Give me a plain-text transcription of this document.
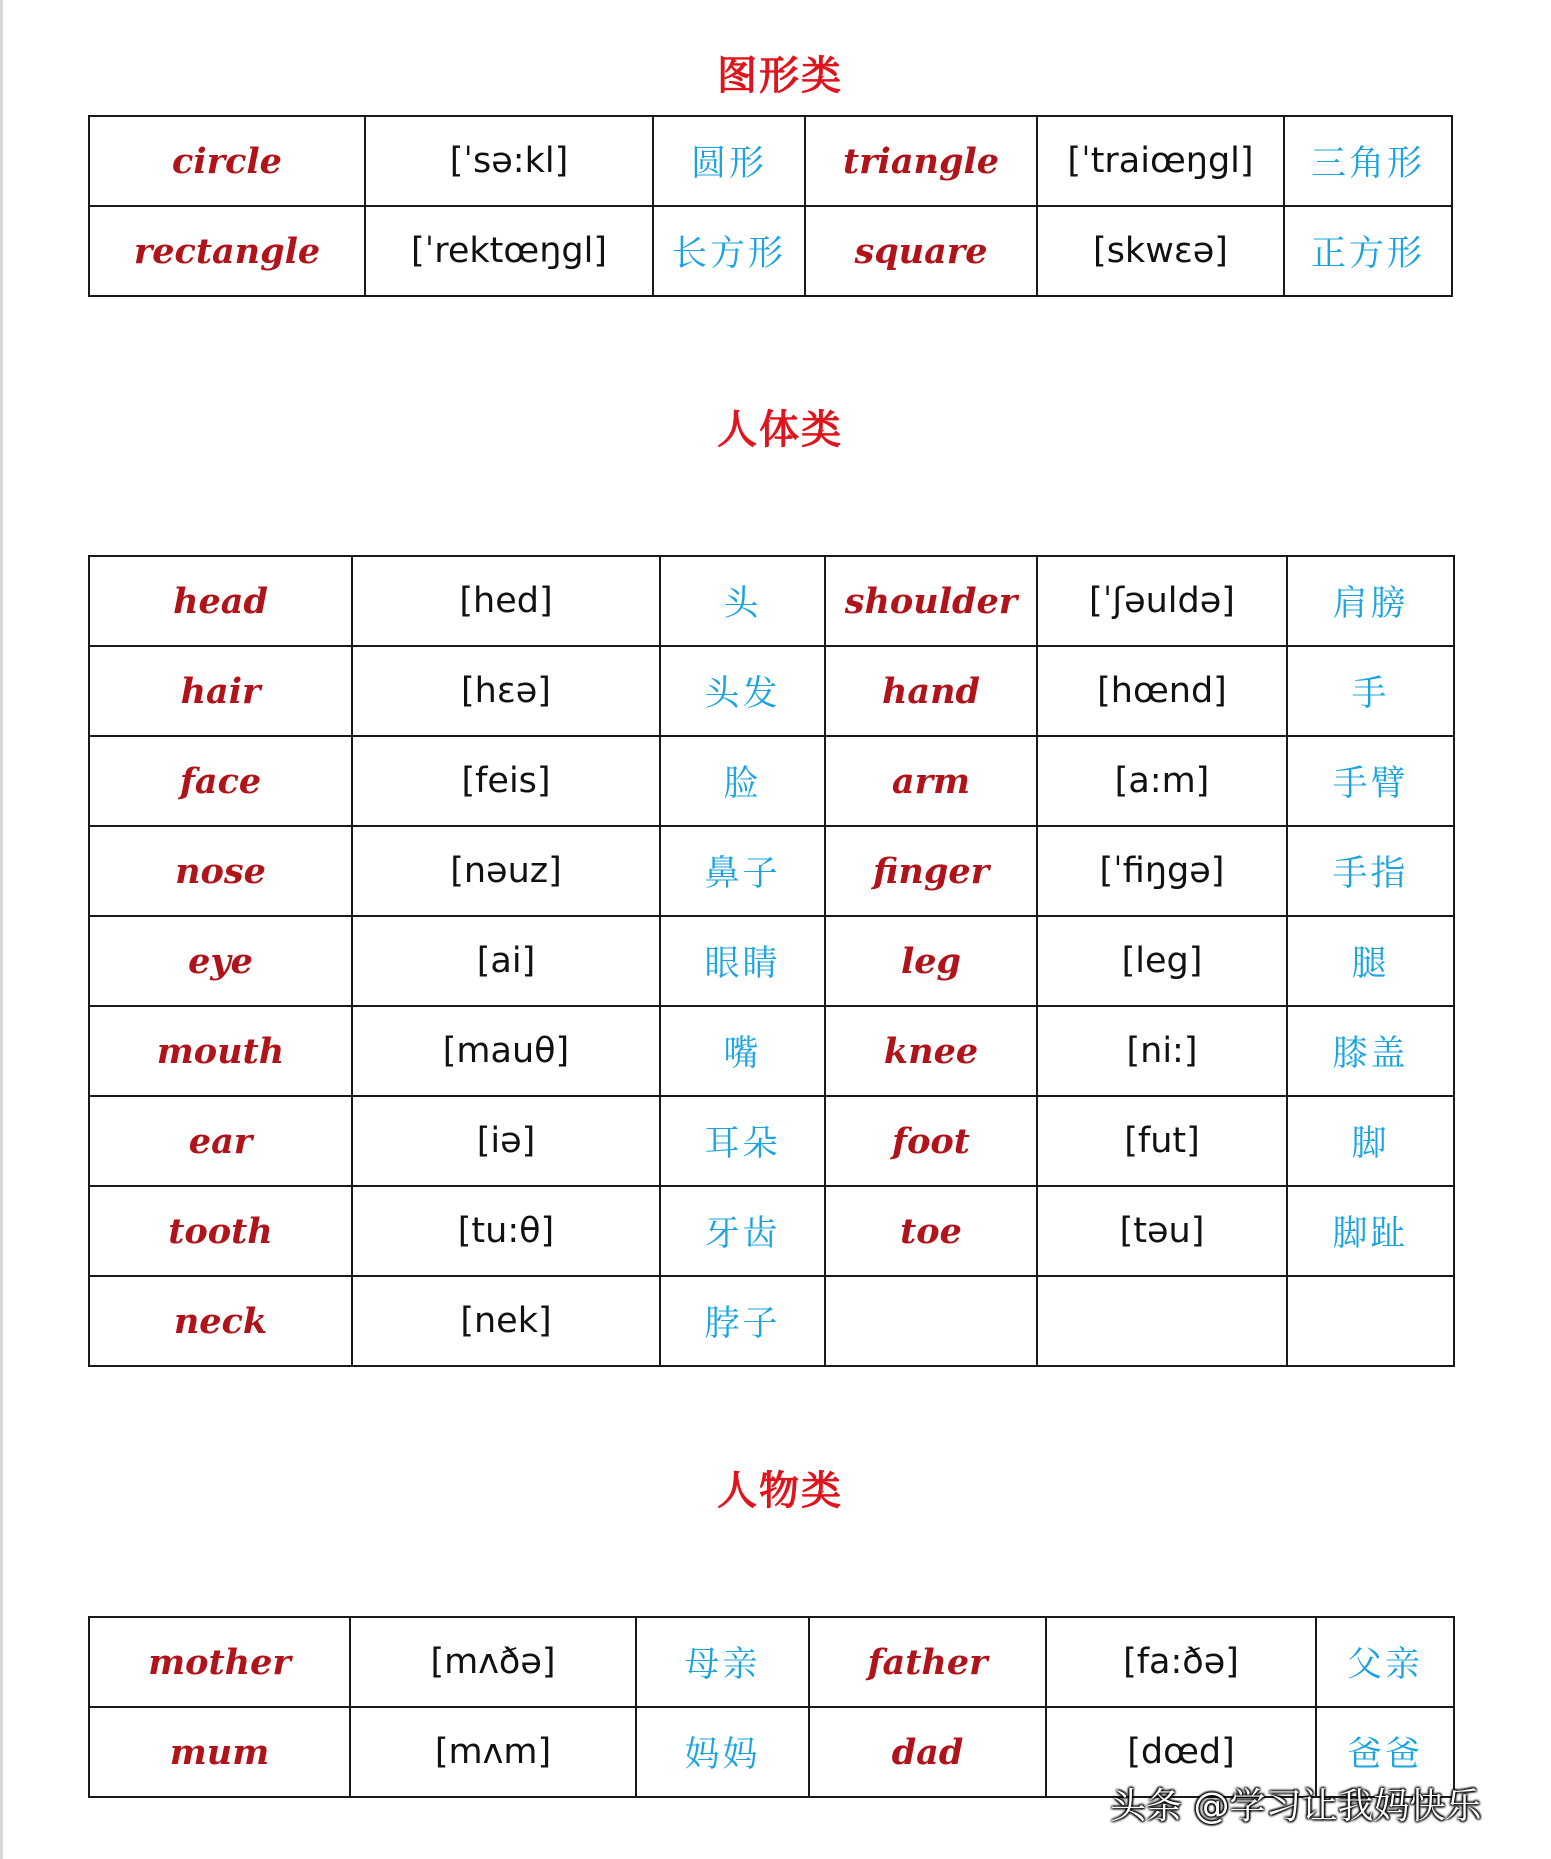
图形类
circle	[ˈsə:kl]	圆形	triangle	[ˈtraiœŋgl]	三角形
rectangle	[ˈrektœŋgl]	长方形	square	[skwɛə]	正方形
人体类
head	[hed]	头	shoulder	[ˈʃəuldə]	肩膀
hair	[hɛə]	头发	hand	[hœnd]	手
face	[feis]	脸	arm	[a:m]	手臂
nose	[nəuz]	鼻子	finger	[ˈfiŋgə]	手指
eye	[ai]	眼睛	leg	[leg]	腿
mouth	[mauθ]	嘴	knee	[ni:]	膝盖
ear	[iə]	耳朵	foot	[fut]	脚
tooth	[tu:θ]	牙齿	toe	[təu]	脚趾
neck	[nek]	脖子			
人物类
mother	[mʌðə]	母亲	father	[fa:ðə]	父亲
mum	[mʌm]	妈妈	dad	[dœd]	爸爸
头条 @学习让我妈快乐
